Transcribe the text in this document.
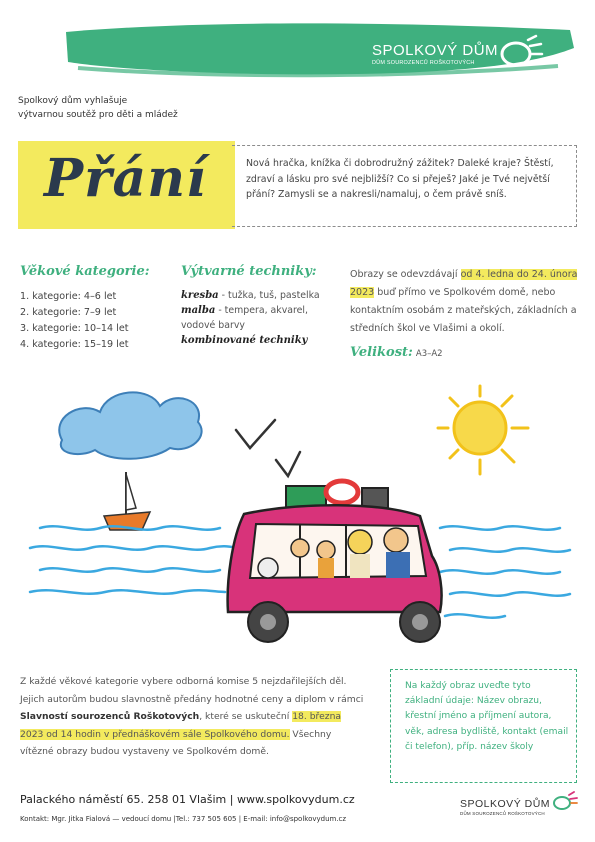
SPOLKOVÝ DŮM
DŮM SOUROZENCŮ ROŠKOTOVÝCH
Spolkový dům vyhlašuje
výtvarnou soutěž pro děti a mládež
Přání	Nová hračka, knížka či dobrodružný zážitek? Daleké kraje? Štěstí, zdraví a lásku pro své nejbližší? Co si přeješ? Jaké je Tvé největší přání? Zamysli se a nakresli/namaluj, o čem právě sníš.
Věkové kategorie:
1. kategorie: 4–6 let
2. kategorie: 7–9 let
3. kategorie: 10–14 let
4. kategorie: 15–19 let
Výtvarné techniky:
kresba - tužka, tuš, pastelka
malba - tempera, akvarel, vodové barvy
kombinované techniky
Obrazy se odevzdávají od 4. ledna do 24. února 2023 buď přímo ve Spolkovém domě, nebo kontaktním osobám z mateřských, základních a středních škol ve Vlašimi a okolí.
Velikost: A3–A2
Z každé věkové kategorie vybere odborná komise 5 nejzdařilejších děl. Jejich autorům budou slavnostně předány hodnotné ceny a diplom v rámci Slavností sourozenců Roškotových, které se uskuteční 18. března 2023 od 14 hodin v přednáškovém sále Spolkového domu. Všechny vítězné obrazy budou vystaveny ve Spolkovém domě.
Na každý obraz uveďte tyto základní údaje: Název obrazu, křestní jméno a příjmení autora, věk, adresa bydliště, kontakt (email či telefon), příp. název školy
Palackého náměstí 65. 258 01 Vlašim | www.spolkovydum.cz
Kontakt: Mgr. Jitka Fialová — vedoucí domu |Tel.: 737 505 605 | E-mail: info@spolkovydum.cz
SPOLKOVÝ DŮM
DŮM SOUROZENCŮ ROŠKOTOVÝCH
